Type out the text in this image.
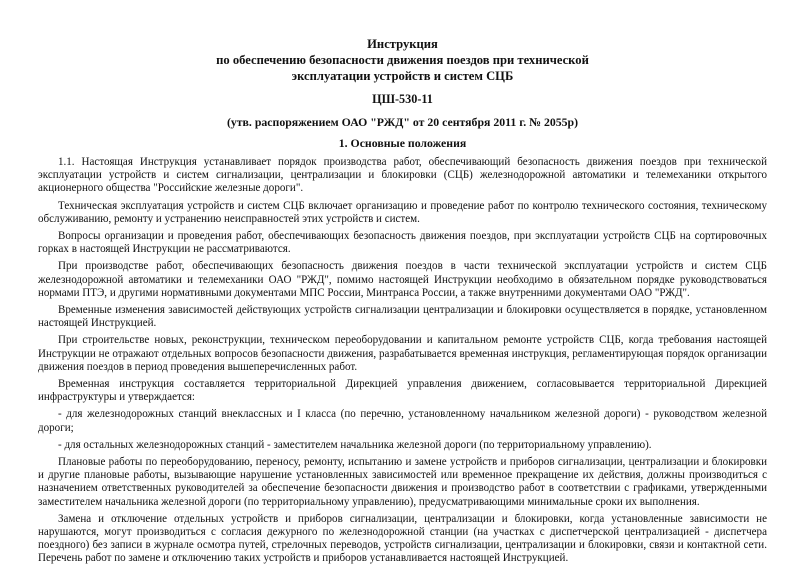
Инструкция

по обеспечению безопасности движения поездов при технической

эксплуатации устройств и систем СЦБ

ЦШ-530-11

(утв. распоряжением ОАО "РЖД" от 20 сентября 2011 г. № 2055р)

1. Основные положения

1.1. Настоящая Инструкция устанавливает порядок производства работ, обеспечивающий безопасность движения поездов при технической эксплуатации устройств и систем сигнализации, централизации и блокировки (СЦБ) железнодорожной автоматики и телемеханики открытого акционерного общества "Российские железные дороги".

Техническая эксплуатация устройств и систем СЦБ включает организацию и проведение работ по контролю технического состояния, техническому обслуживанию, ремонту и устранению неисправностей этих устройств и систем.

Вопросы организации и проведения работ, обеспечивающих безопасность движения поездов, при эксплуатации устройств СЦБ на сортировочных горках в настоящей Инструкции не рассматриваются.

При производстве работ, обеспечивающих безопасность движения поездов в части технической эксплуатации устройств и систем СЦБ железнодорожной автоматики и телемеханики ОАО "РЖД", помимо настоящей Инструкции необходимо в обязательном порядке руководствоваться нормами ПТЭ, и другими нормативными документами МПС России, Минтранса России, а также внутренними документами ОАО "РЖД".

Временные изменения зависимостей действующих устройств сигнализации централизации и блокировки осуществляется в порядке, установленном настоящей Инструкцией.

При строительстве новых, реконструкции, техническом переоборудовании и капитальном ремонте устройств СЦБ, когда требования настоящей Инструкции не отражают отдельных вопросов безопасности движения, разрабатывается временная инструкция, регламентирующая порядок организации движения поездов в период проведения вышеперечисленных работ.

Временная инструкция составляется территориальной Дирекцией управления движением, согласовывается территориальной Дирекцией инфраструктуры и утверждается:

- для железнодорожных станций внеклассных и I класса (по перечню, установленному начальником железной дороги) - руководством железной дороги;

- для остальных железнодорожных станций - заместителем начальника железной дороги (по территориальному управлению).

Плановые работы по переоборудованию, переносу, ремонту, испытанию и замене устройств и приборов сигнализации, централизации и блокировки и другие плановые работы, вызывающие нарушение установленных зависимостей или временное прекращение их действия, должны производиться с назначением ответственных руководителей за обеспечение безопасности движения и производство работ в соответствии с графиками, утвержденными заместителем начальника железной дороги (по территориальному управлению), предусматривающими минимальные сроки их выполнения.

Замена и отключение отдельных устройств и приборов сигнализации, централизации и блокировки, когда установленные зависимости не нарушаются, могут производиться с согласия дежурного по железнодорожной станции (на участках с диспетчерской централизацией - диспетчера поездного) без записи в журнале осмотра путей, стрелочных переводов, устройств сигнализации, централизации и блокировки, связи и контактной сети. Перечень работ по замене и отключению таких устройств и приборов устанавливается настоящей Инструкцией.
